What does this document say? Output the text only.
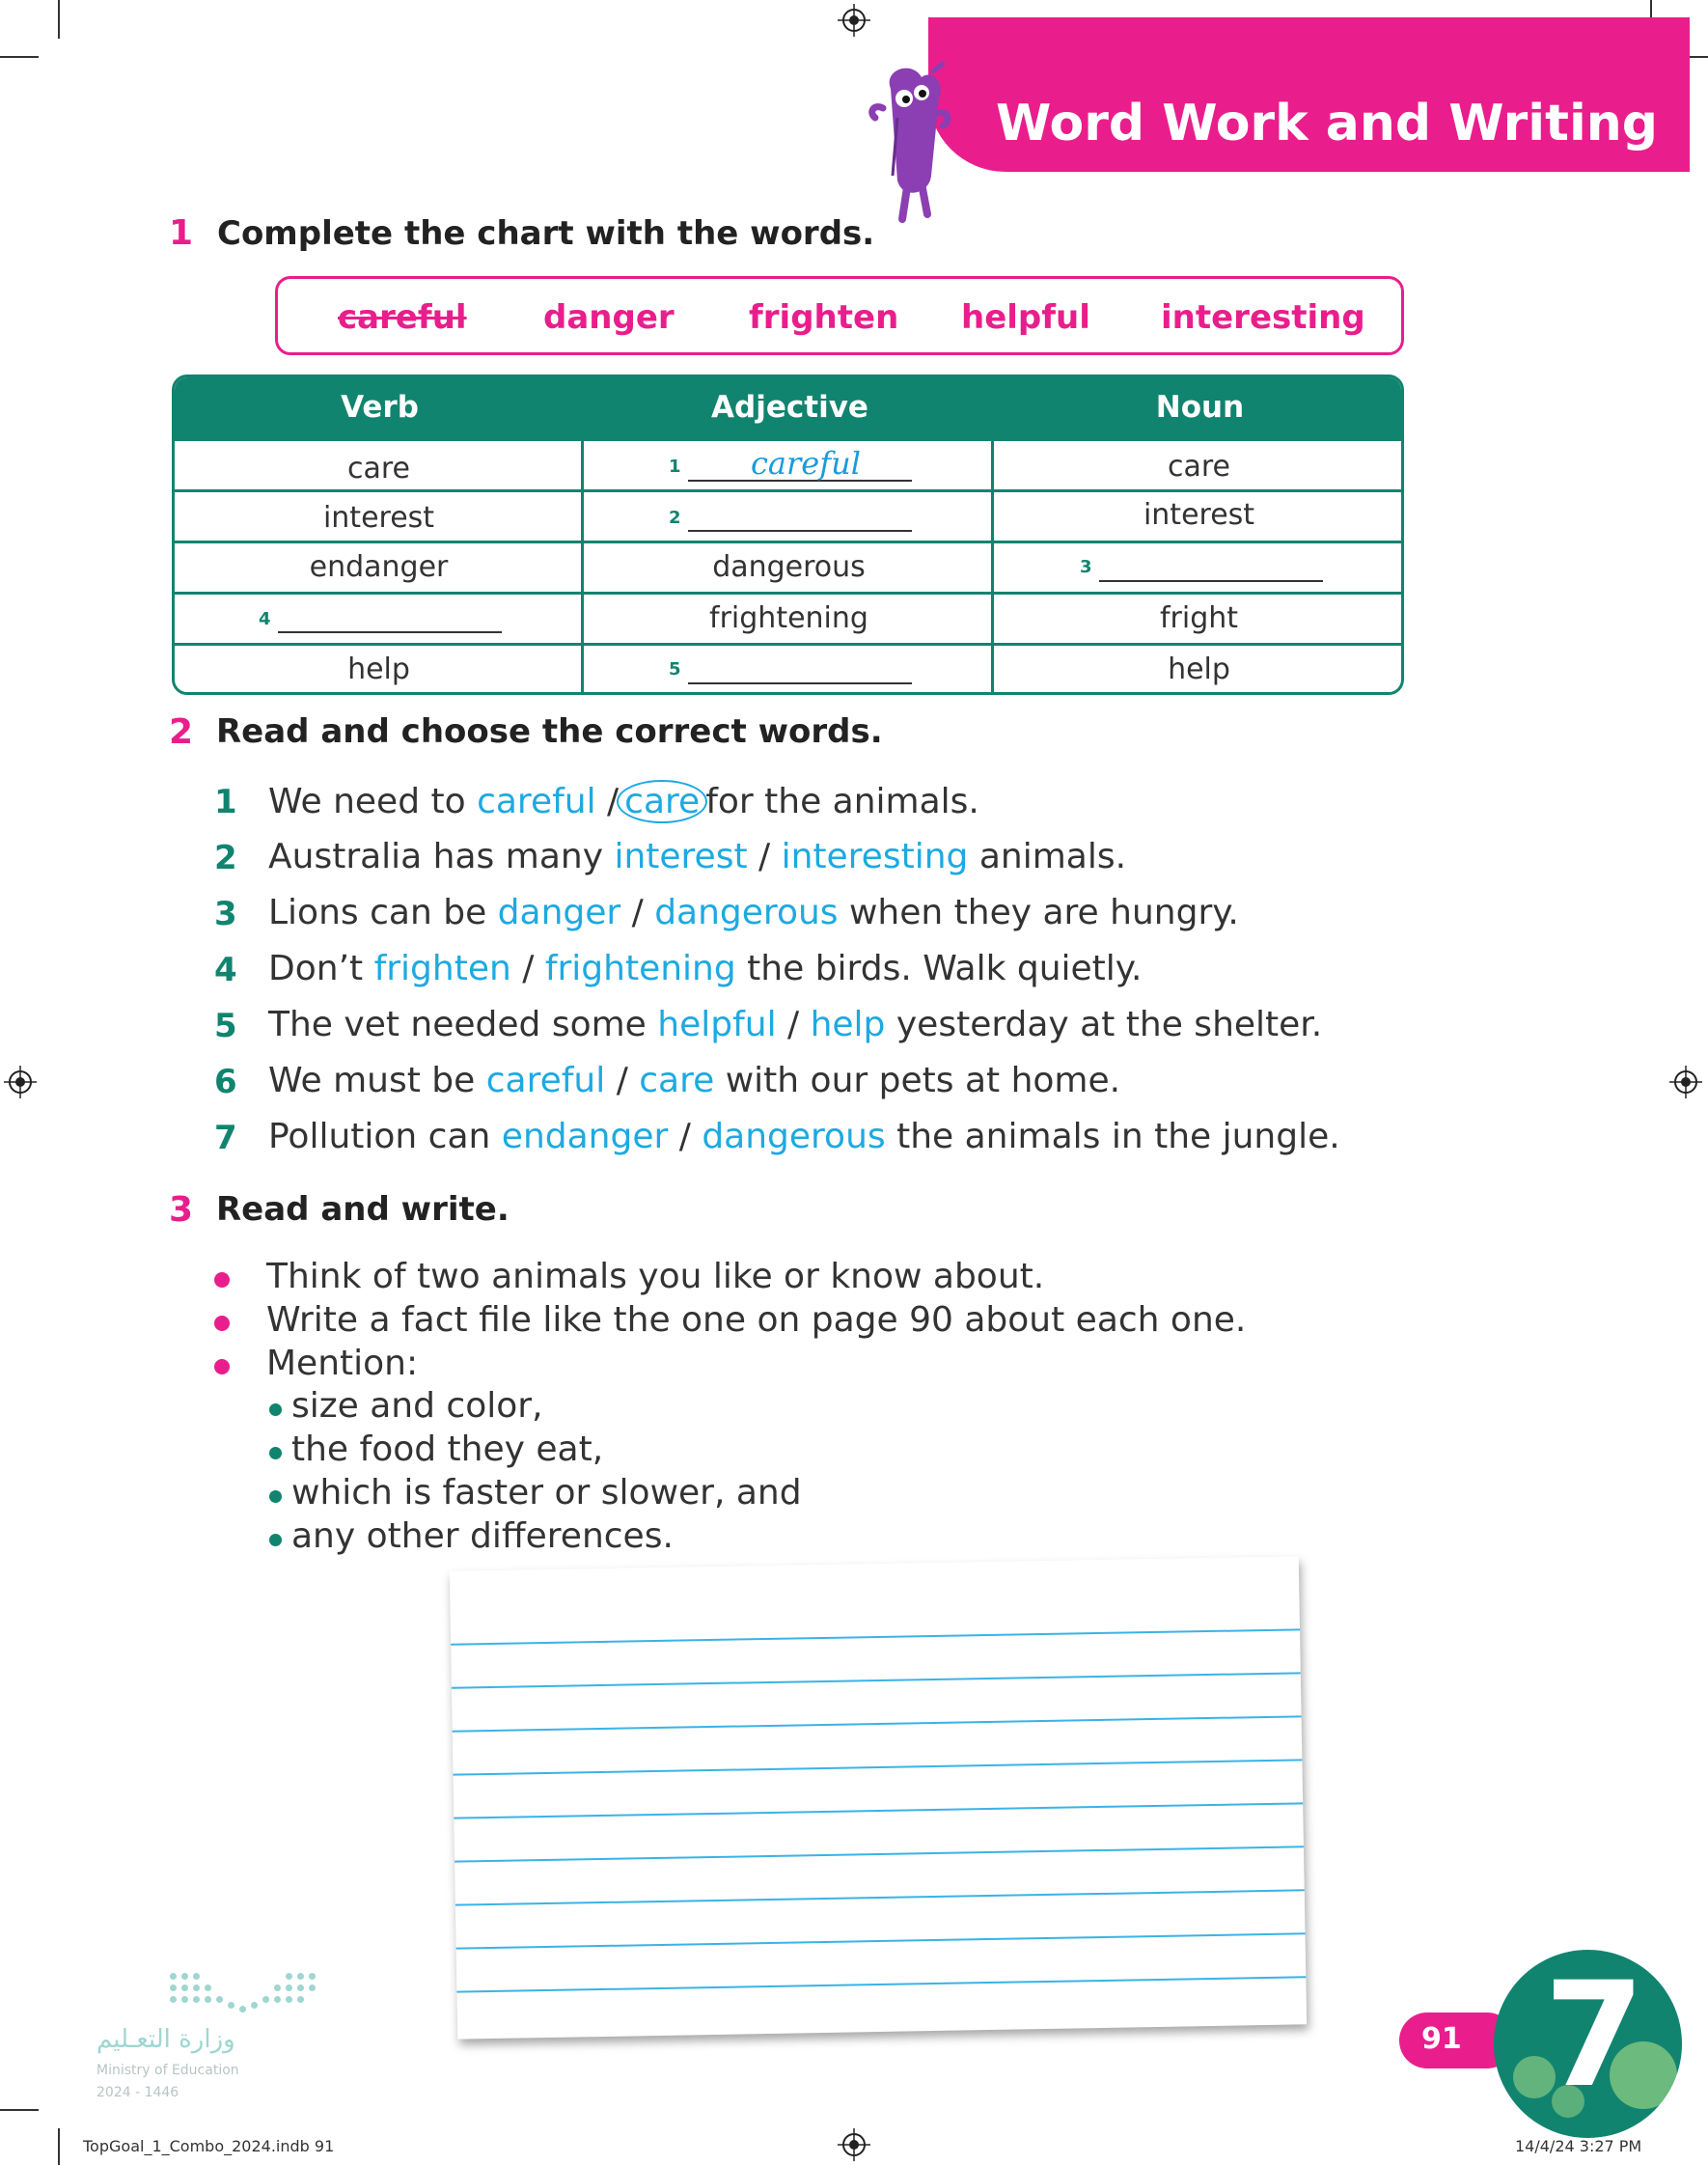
Word Work and Writing
1 Complete the chart with the words.
careful danger frighten helpful interesting
Verb	Adjective	Noun
care	1 careful	care
interest	2	interest
endanger	dangerous	3
4	frightening	fright
help	5	help
2 Read and choose the correct words.
1 We need to careful / care for the animals.
2 Australia has many interest / interesting animals.
3 Lions can be danger / dangerous when they are hungry.
4 Don’t frighten / frightening the birds. Walk quietly.
5 The vet needed some helpful / help yesterday at the shelter.
6 We must be careful / care with our pets at home.
7 Pollution can endanger / dangerous the animals in the jungle.
3 Read and write.
Think of two animals you like or know about.
Write a fact file like the one on page 90 about each one.
Mention:
size and color,
the food they eat,
which is faster or slower, and
any other differences.
وزارة التعـليم
Ministry of Education
2024 - 1446
91 7
TopGoal_1_Combo_2024.indb 91	14/4/24 3:27 PM
